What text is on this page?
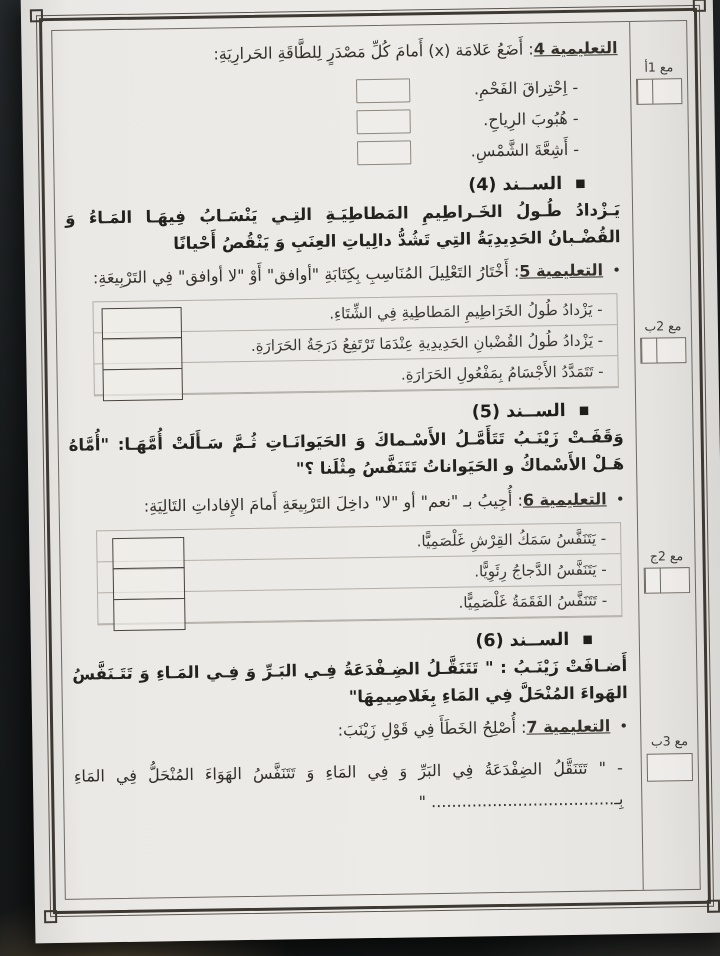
التعليمية 4: أَضَعُ عَلامَة (x) أَمامَ كُلِّ مَصْدَرٍ لِلطَّاقَةِ الحَرارِيَةِ:
- اِحْتِراقَ الفَحْمِ.
- هُبُوبَ الرِياحِ.
- أَشِعَّةَ الشَّمْسِ.
■ الســند (4)
يَـزْدادُ طُـولُ الخَـراطِيمِ المَطاطِيَـةِ التِـي يَنْسَـابُ فِيهَـا المَـاءُ وَ القُضْـبانُ الحَدِيدِيَةُ التِي تَشُدُّ دالِياتِ العِنَبِ وَ يَنْقُصُ أَحْيانًا
• التعليمية 5: أَخْتَارُ التَعْلِيلَ المُنَاسِبِ بِكِتَابَةِ "أوافق" أَوْ "لا أوافق" فِي التَرْبِيعَةِ:
- يَزْدادُ طُولُ الخَرَاطِيمِ المَطاطِيةِ فِي الشِّتَاءِ.
- يَزْدادُ طُولُ القُضْبانِ الحَدِيدِيةِ عِنْدَمَا تَرْتَفِعُ دَرَجَةُ الحَرَارَةِ.
- تَتَمَدَّدُ الأَجْسَامُ بِمَفْعُولِ الحَرَارَةِ.
■ الســند (5)
وَقَفَـتْ زَيْنَـبُ تَتَأَمَّـلُ الأَسْـماكَ وَ الحَيَوانَـاتِ ثُـمَّ سَـأَلَتْ أُمَّهَـا: "أُمَّاهُ هَـلْ الأَسْماكُ و الحَيَواناتُ تَتَنَفَّسُ مِثْلَنا ؟"
• التعليمية 6: أُجِيبُ بـ "نعم" أو "لا" داخِلَ التَرْبِيعَةِ أَمامَ الإِفاداتِ التَالِيَةِ:
- يَتَنَفَّسُ سَمَكُ القِرْشِ غَلْصَمِيًّا.
- يَتَنَفَّسُ الدَّجاجُ رِئَوِيًّا.
- تَتَنَفَّسُ الفَقَمَةُ غَلْصَمِيًّا.
■ الســند (6)
أَضـافَتْ زَيْنَـبُ : " تَتَنَقَّـلُ الضِـفْدَعَةُ فِـي البَـرِّ وَ فِـي المَـاءِ وَ تَتَـنَفَّسُ الهَواءَ المُنْحَلَّ فِي المَاءِ بِغَلاصِيمِهَا"
• التعليمية 7: أُصْلِحُ الخَطَأَ فِي قَوْلِ زَيْنَبَ:
- " تَتَنَقَّلُ الضِفْدَعَةُ فِي البَرِّ وَ فِي المَاءِ وَ تَتَنَفَّسُ الهَوَاءَ المُنْحَلُّ فِي المَاءِ بِـ.................................... "
مع 1أ
مع 2ب
مع 2ج
مع 3ب
